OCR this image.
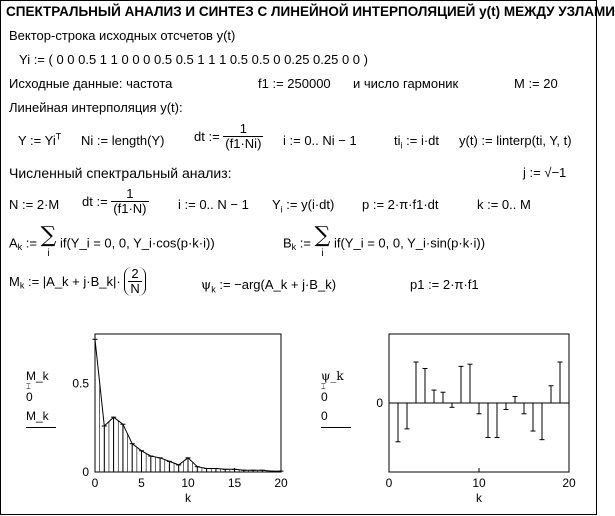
СПЕКТРАЛЬНЫЙ АНАЛИЗ И СИНТЕЗ С ЛИНЕЙНОЙ ИНТЕРПОЛЯЦИЕЙ y(t) МЕЖДУ УЗЛАМИ
Вектор-строка исходных отсчетов y(t)
Yi := ( 0 0 0.5 1 1 0 0 0 0.5 0.5 1 1 1 0.5 0.5 0 0.25 0.25 0 0 )
Исходные данные: частота	f1 := 250000 и число гармоник	M := 20
Линейная интерполяция y(t):
Y := $Yi^T$ Ni := length(Y) dt := $\frac{1}{(f1\cdot Ni)}$ i := 0.. Ni − 1	$ti_i$ := i·dt y(t) := linterp(ti, Y, t)
Численный спектральный анализ:	j := √−1
N := 2·M dt := $\frac{1}{(f1\cdot N)}$ i := 0.. N − 1 $Y_i$ := y(i·dt) p := 2·π·f1·dt	k := 0.. M
$A_k$ := ∑
i
if(Y_i = 0, 0, Y_i·cos(p·k·i))	$B_k$ := ∑
i
if(Y_i = 0, 0, Y_i·sin(p·k·i))
$M_k$ := |A_k + j·B_k|· $\frac{2}{N}$	$\psi_k$ := −arg(A_k + j·B_k)	p1 := 2·π·f1
M_k
⌶
0
M_k
ψ_k
⌶
0
0
0	5	10	15	20
0
0.5
k
0	10	20
0
k
